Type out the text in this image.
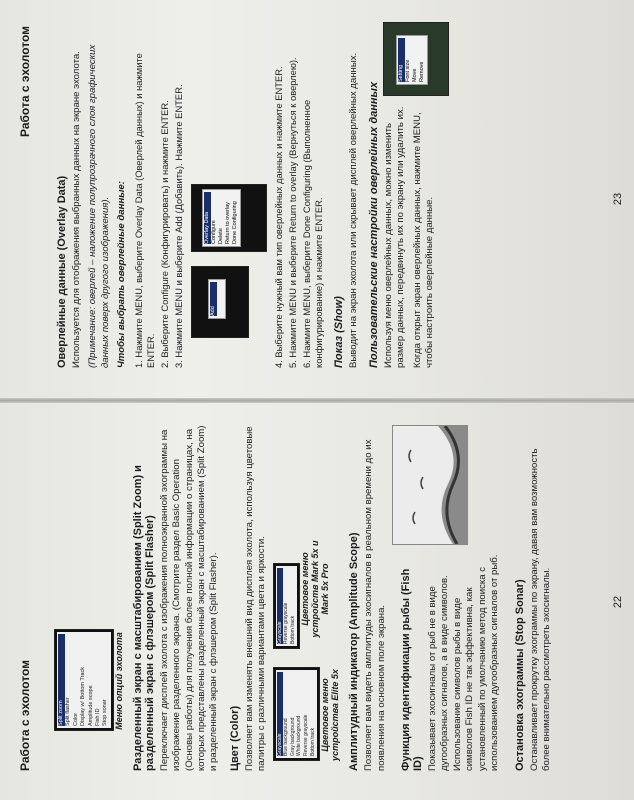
Работа с эхолотом
Оверлейные данные (Overlay Data) Используется для отображения выбранных данных на экране эхолота. (Примечание: оверлей – наложение полупрозрачного слоя графических данных поверх другого изображения). Чтобы выбрать оверлейные данные: 1. Нажмите MENU, выберите Overlay Data (Оверлей данных) и нажмите ENTER. 2. Выберите Configure (Конфигурировать) и нажмите ENTER. 3. Нажмите MENU и выберите Add (Добавить). Нажмите ENTER.	Add
Overlay Data Configure Delete Return to overlay Done Configuring	4. Выберите нужный вам тип оверлейных данных и нажмите ENTER. 5. Нажмите MENU и выберите Return to overlay (Вернуться к оверлею). 6. Нажмите MENU, выберите Done Configuring (Выполненное конфигурирование) и нажмите ENTER. Показ (Show) Выводит на экран эхолота или скрывает дисплей оверлейных данных. Пользовательские настройки оверлейных данных Используя меню оверлейных данных, можно изменить размер данных, передвинуть их по экрану или удалить их. Когда открыт экран оверлейных данных, нажмите MENU, чтобы настроить оверлейные данные.

Setting Font size Move Remove
23
Работа с эхолотом	Split zoom Split flasher Color Display w/ Bottom Track Amplitude scope Fish ID Stop sonar Меню опций эхолота Разделенный экран с масштабированием (Split Zoom) и разделенный экран с флэшером (Split Flasher) Переключает дисплей эхолота с изображения полноэкранной эхограммы на изображение разделенного экрана. (Смотрите раздел Basic Operation (Основы работы) для получения более полной информации о страницах, на которых представлены разделенный экран с масштабированием (Split Zoom) и разделенный экран с флэшером (Split Flasher). Цвет (Color) Позволяет вам изменять внешний вид дисплея эхолота, используя цветовые палитры с различными вариантами цвета и яркости. Grayscale Blue background Gray background White background Reverse grayscale Bottom track Цветовое меню устройства Elite 5x
Grayscale Reverse grayscale Bottom track
Цветовое меню устройств Mark 5x и Mark 5x Pro Амплитудный индикатор (Amplitude Scope) Позволяет вам видеть амплитуды эхосигналов в реальном времени до их появления на основном поле экрана. Функция идентификации рыбы (Fish ID) Показывает эхосигналы от рыб не в виде дугообразных сигналов, а в виде символов. Использование символов рыбы в виде символов Fish ID не так эффективна, как установленный по умолчанию метод поиска с использованием дугообразных сигналов от рыб. Остановка эхограммы (Stop Sonar) Останавливает прокрутку эхограммы по экрану, давая вам возможность более внимательно рассмотреть эхосигналы.	22
